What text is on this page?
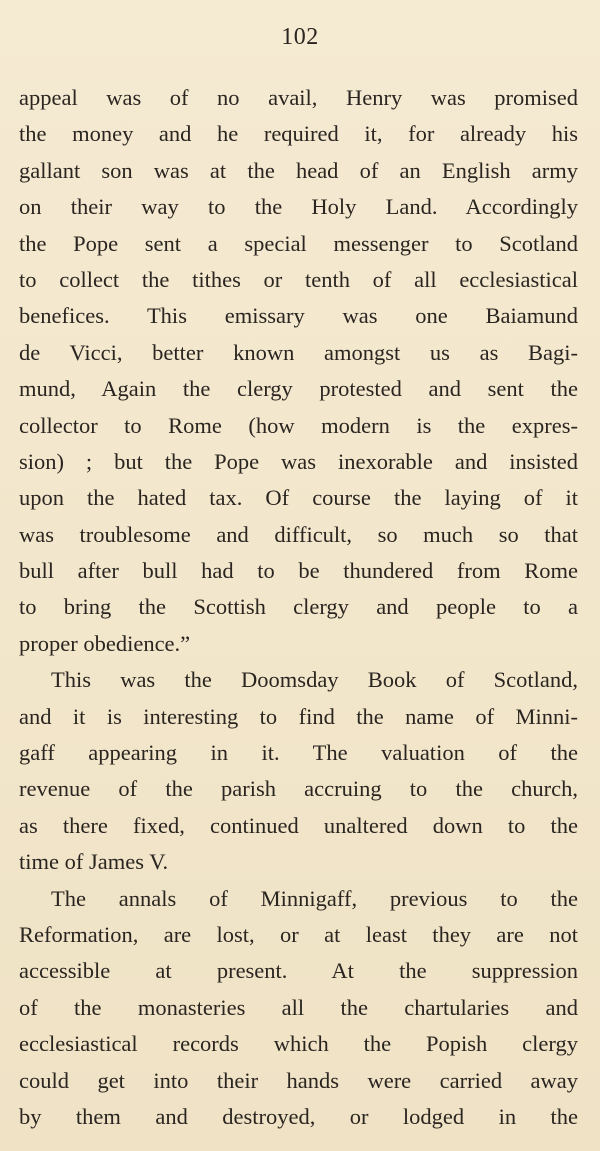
102
appeal was of no avail, Henry was promised
the money and he required it, for already his
gallant son was at the head of an English army
on their way to the Holy Land. Accordingly
the Pope sent a special messenger to Scotland
to collect the tithes or tenth of all ecclesiastical
benefices. This emissary was one Baiamund
de Vicci, better known amongst us as Bagi-
mund, Again the clergy protested and sent the
collector to Rome (how modern is the expres-
sion) ; but the Pope was inexorable and insisted
upon the hated tax. Of course the laying of it
was troublesome and difficult, so much so that
bull after bull had to be thundered from Rome
to bring the Scottish clergy and people to a
proper obedience.”
This was the Doomsday Book of Scotland,
and it is interesting to find the name of Minni-
gaff appearing in it. The valuation of the
revenue of the parish accruing to the church,
as there fixed, continued unaltered down to the
time of James V.
The annals of Minnigaff, previous to the
Reformation, are lost, or at least they are not
accessible at present. At the suppression
of the monasteries all the chartularies and
ecclesiastical records which the Popish clergy
could get into their hands were carried away
by them and destroyed, or lodged in the
